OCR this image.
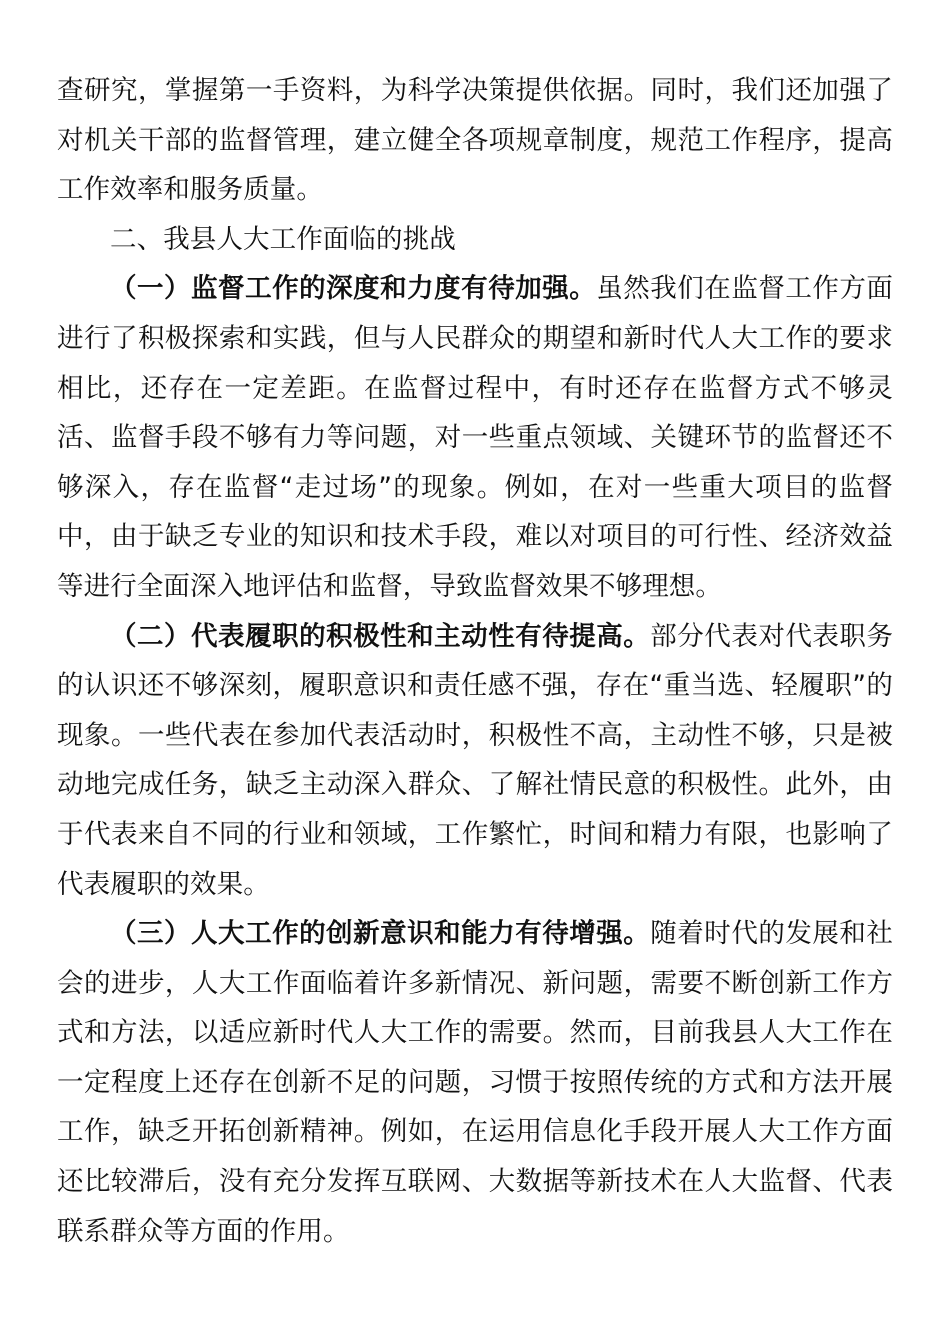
查研究，掌握第一手资料，为科学决策提供依据。同时，我们还加强了对机关干部的监督管理，建立健全各项规章制度，规范工作程序，提高工作效率和服务质量。

二、我县人大工作面临的挑战

（一）监督工作的深度和力度有待加强。虽然我们在监督工作方面进行了积极探索和实践，但与人民群众的期望和新时代人大工作的要求相比，还存在一定差距。在监督过程中，有时还存在监督方式不够灵活、监督手段不够有力等问题，对一些重点领域、关键环节的监督还不够深入，存在监督“走过场”的现象。例如，在对一些重大项目的监督中，由于缺乏专业的知识和技术手段，难以对项目的可行性、经济效益等进行全面深入地评估和监督，导致监督效果不够理想。

（二）代表履职的积极性和主动性有待提高。部分代表对代表职务的认识还不够深刻，履职意识和责任感不强，存在“重当选、轻履职”的现象。一些代表在参加代表活动时，积极性不高，主动性不够，只是被动地完成任务，缺乏主动深入群众、了解社情民意的积极性。此外，由于代表来自不同的行业和领域，工作繁忙，时间和精力有限，也影响了代表履职的效果。

（三）人大工作的创新意识和能力有待增强。随着时代的发展和社会的进步，人大工作面临着许多新情况、新问题，需要不断创新工作方式和方法，以适应新时代人大工作的需要。然而，目前我县人大工作在一定程度上还存在创新不足的问题，习惯于按照传统的方式和方法开展工作，缺乏开拓创新精神。例如，在运用信息化手段开展人大工作方面还比较滞后，没有充分发挥互联网、大数据等新技术在人大监督、代表联系群众等方面的作用。
